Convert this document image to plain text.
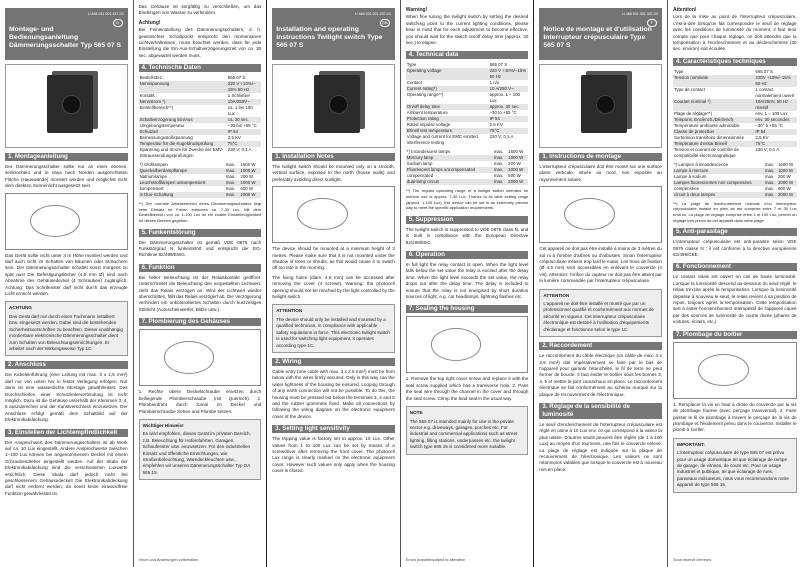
U 468 931 001 437-03
D
Montage- und Bedienungsanleitung Dämmerungsschalter Typ 565 07 S
1. Montageanleitung

Der Dämmerungsschalter sollte nur an einer ebenen, senkrechten und in etwa nach Norden ausgerichteten Fläche (Hauswände) montiert werden und möglichst nicht dem direkten Sonnenlicht ausgesetzt sein.

Das Gerät sollte nicht unter 3 m Höhe montiert werden und darf auch nicht im Schatten von Bäumen oder Sträuchern sein. Der Dämmerungsschalter schaltet sonst morgens zu spät aus! Die Befestigungslöcher (4,5 mm Ø) sind nach Abnahme des Gehäusedeckel (4 Schrauben) zugänglich. Achtung: Das Schrifenster darf nicht durch das erzeugte Licht erreicht werden.

ACHTUNG
Das Gerät darf nur durch einen Fachmann installiert bzw. eingesetzt werden. Dabei sind die bestehenden Sicherheitsvorschriften zu beachten. Dieser unabhängig montierbare elektronische Dämmerungsschalter dient zum Schalten von Beleuchtungseinrichtungen. Er arbeitet nach der Wirkungsweise Typ 1C.
2. Anschluss

Die Kabeleinführung (eine Leitung mit max. 3 x 2,5 mm²) darf nur von unten her in fester Verlegung erfolgen. Nur dann ist eine wasserdichte Montage gewährleistet. Das Durchschleifen einer Schutzleiterverbindung ist nicht möglich. Dazu ist die Gehäuse unterhalb der Klemmen 3, 4, 5 auszubrechen und der Kunstverschluss einzusetzen. Der Anschluss erfolgt gemäß dem Schaltbild auf der Elektronikabdeckung.

3. Einstellen der Lichtempfindlichkeit

Der Ansprechwert des Dämmerungsschalters ist ab Werk auf ca. 10 Lux eingestellt. Andere Ansprechwerte zwischen 1–100 Lux können bei angenommenem Deckel mit einem Schraubendreher eingestellt werden. Auf der Skala der Elektronikabdeckung sind die verschiedenen Luxwerte ersichtlich. Diese Skala darf jedoch nicht bei geschlossenem Gehäusedeckel! Die Elektronikabdeckung darf nicht entfernt werden, da sonst keine einwandfreie Funktion gewährleistet ist.

Das Gehäuse ist sorgfältig zu verschließen, um das Eindringen von Wasser zu verhindern.

Achtung!

Bei Feineinstellung des Dämmerungsschalters, d. h. gewünschter Schaltpunkt entspricht den momentanen Lichtverhältnissen, muss beachtet werden, dass für jede Einstellung die Ein-Aus-Schaltverzögerungszeit von ca. 30 sec. abgewartet werden muss.

4. Technische Daten
Bestell-Bez.	565 07 S
Nennspannung	220 V +10%/–15% 50 Hz
Kontakt	1 Schließer
Nennstrom *)	10A/250V~
Einstellbereich**)	ca. 1 bis 100 Lux
Schaltverzögerung Ein/Aus	ca. 30 sec.
Umgebungstemperatur	–30 bis +55 °C
Schutzart	IP 54
Bemessungsstoßspannung	2,5 KV
Temperatur für die Kugeldruckprüfung	75°C
Spannung und Strom für Zwecke der EMV-Störaussendungsprüfungen	230 V; 0,1 A
*) Glühlampen	max.	1600 W
Quecksilberdampflampe	max.	1000 W
Natriumlampe	max.	200 W
Leuchtstofflampen unkompensiert	max.	1000 W
kompensiert	max.	600 W
in Duo-Schaltung	max.	2000 W

**) Der normale Arbeitsbereich eines Dämmerungsschalters liegt beim Einsatz im Freien zwischen ca. 7-30 Lux. Mit dem Einstellbereich von ca. 1-100 Lux ist ein exakte Einstellmöglichkeit für diesen Bereich gegeben.

5. Funkentstörung

Der Dämmerungsschalter ist gemäß VDE 0875 nach Funkstörgrad N funkentstört und entspricht der EG-Richtlinie 82/499/EWG.

6. Funktion

Bei heller Beleuchtung ist der Relaiskontakt geöffnet. Unterschreitet die Beleuchtung den eingestellten Lichtwert, zieht das Relais verzögert an. Wird der Lichtwert wieder überschritten, fällt das Relais verzögert ab. Die Verzögerung verhindert ein unkontrolliertes Schalten durch kurzzeitiges Störlicht (Autoscheinwerfer, Blitze usw.).

7. Plombierung des Gehäuses

1. Rechte obere Deckelschraube ersetzen durch beiliegende Plombierschraube (mit Querloch). 2. Plombierdraht durch Kanal im Deckel und Plombierschraube ziehen und Plombe setzen.

Wichtiger Hinweis!
Es wird empfohlen, dieses Gerät im privaten Bereich, z.B. Beleuchtung für Hofeinfahrten, Garagen, Schaufenster usw. einzusetzen. Für den industriellen Einsatz und öffentliche Einrichtungen, wie Straßenbeleuchtung, Warndeckleuchten usw., empfehlen wir unseren Dämmerungsschalter Typ DA 565 15.
Irrtum und Änderungen vorbehalten
U 468 931 001 437-03
GB
Installation and operating instructions Twilight switch Type 565 07 S
1. Installation Notes

The twilight switch should be mounted only on a smooth, vertical surface, exposed to the north (house walls) and preferably avoiding direct sunlight.

The device should be mounted at a minimum height of 3 metres. Please make sure that it is not mounted under the shadow of trees or shrubs, as this would cause it to switch off too late in the morning.

The fixing holes (diam. 4.5 mm) can be accessed after removing the cover (4 screws). Warning: the photocell opening should not be reached by the light controlled by the twilight switch.

ATTENTION
The device should only be installed and mounted by a qualified technician, in compliance with applicable safety regulations in force. This electronic twilight switch is used for switching light equipment, it operates according type 1C.
2. Wiring

Cable entry (one cable with max. 3 x 2.5 mm²) must be from below with the wires firmly secured. Only in this way can the water tightness of the housing be ensured. Looping through of any earth connection will not be possible. To do this, the housing must be pressed out below the terminals 3, 4 and 5 and the rubber grommets fixed. Make all connections by following the wiring diagram on the electronic equipment cover of the device.

3. Setting light sensitivity

The tripping value is factory set to approx. 10 Lux. Other values from 1 to 100 Lux can be set by means of a screwdriver after removing the front cover. The photocell Lux range is clearly marked on the electronic equipment cover. However such values only apply when the housing cover is closed.

Warning!

When fine tuning the twilight switch by setting the desired switching point to the current lighting conditions, please bear in mind that for each adjustment to become effective, you should wait for the switch on/off delay time (approx. 30 sec.) to elapse.

4. Technical data
Type	565 07 S
Operating voltage	220 V +10%/–15% 50 Hz
Contact	1 n/o
Current rating*)	10 A/250 V~
Operating range**)	approx. 1 – 100 Lux
On/off delay time	approx. 30 sec.
Ambient temperature	–30 to +55 °C
Protection rating	IP 54
Rated impulse voltage	2.5 KV
Brinell test temperature	75°C
Voltage and current for EMC emitted interference testing	230 V; 0,1 A
*) Incandescent lamps	max.	1600 W
Mercury lamp	max.	1000 W
Sodium lamp	max.	200 W
Fluorescent lamps uncompensated	max.	1000 W
compensated	max.	600 W
dual-lamp circuit	max.	2000 W

**) The regular operating range of a twilight switch intended for outdoor use is approx. 7-30 Lux. Thanks to its wide setting range (approx. 1-100 Lux), this device can be set in an extremely precise way to meet the specific application requirements.

5. Suppression

The twilight switch is suppressed to VDE 0875 class N, and is built in compliance with the European Directive 82/499/EEC.

6. Operation

In full light the relay contact is open. When the light level falls below the set value the relay is excited after the delay time. When the light level exceeds the set value, the relay drops out after the delay time. The delay is included to ensure that the relay is not energised by short duration sources of light, e.g. car headlamps, lightning flashes etc.

7. Sealing the housing

1. Remove the top right cover screw and replace it with the seal screw supplied which has a transverse hole. 2. Pass the seal wire through the channel in the cover and through the seal screw. Crimp the lead seal in the usual way.

NOTE
The 565 07 is intended mainly for use in the private sector e.g. driveways, garages, porches etc. For industrial and commercial applications such as street lighting, filling stations, underpasses etc. the twilight switch type 565 15 is considered more suitable.
Errors possible/subject to alteration
U 468 931 001 437-03
F
Notice de montage et d'utilisation Interrupteur crépusculaire Type 565 07 S
1. Instructions de montage

L'interrupteur crépusculaire doit être monté sur une surface plane verticale, située au nord, non exposée au rayonnement solaire.

Cet appareil ne doit pas être installé à moins de 3 mètres du sol ni à l'ombre d'arbres ou d'arbustes. Sinon l'interrupteur crépusculaire s'éteint trop tard le matin. Les trous de fixation (Ø 4,5 mm) sont accessibles en enlevant le couvercle (4 vis). Attention: l'orifice du capteur ne doit pas être atteint par la lumière commandée par l'interrupteur crépusculaire.

ATTENTION
L'appareil ne doit être installé et monté que par un professionnel qualifié et conformément aux normes de sécurité en vigueur. Cet interrupteur crépusculaire électronique est destiné à l'utilisation d'équipements d'éclairage et fonctionne selon le type 1C.
2. Raccordement

Le raccordement du câble électrique (un câble de max. 3 x 2,5 mm²) doit impérativement se faire par le bas de l'appareil pour garantir l'étanchéité, le fil de terre ne peut former de boucle. Il faut évider le boîtier sous les bornes 3, 4, 5 et mettre le joint caoutchouc en place. Le raccordement électrique se fait conformément au schéma marqué sur la plaque de recouvrement de l'électronique.

3. Réglage de la sensibilité de luminosité

Le seuil d'enclenchement de l'interrupteur crépusculaire est réglé en usine à 10 Lux env. ce qui correspond à la valeur la plus usitée. D'autres seuils peuvent être réglés (de 1 à 100 Lux) au moyen d'un tournevis, une fois le couvercle enlevé. La plage de réglage est indiquée sur la plaque de recouvrement de l'électronique. Les valeurs ne sont néanmoins valables que lorsque le couvercle est à nouveau mis en place.

Attention!

Lors de la mise au point de l'interrupteur crépusculaire, c'est-à-dire lorsqu'on fait correspondre le seuil de réglage avec les conditions de luminosité du moment, il faut tenir compte que pour chaque réglage, on doit attendre que la temporisation à l'enclenchement et au déclenchement (30 sec. environ) soit écoulée.

4. Caractéristiques techniques
Type	565 07 S
Tension nominale	220V +10%/–15% 50 Hz
Type de contact	1 contact normalement ouvert
Courant nominal *)	10A/250V, 50 Hz résistif
Plage de réglage**)	env. 1 – 100 Lux
Temporis. Enclench./Déclench.	env. 30 secondes
Température ambiante admissible	–30° à +55 °C
Classe de protection	IP 54
Surtension transitoire dimensionnée	2,5 KV
Température d'essai Brinell	75°C
Tension et courant de contrôle de compatibilité électromagnétique	230 V; 0,1 A
*) Lampes à incandescence	max.	1600 W
Lampe à mercure	max.	1000 W
Lampe à sodium	max.	200 W
Lampes fluorescentes non compensées	max.	1000 W
compensées	max.	600 W
circuit à deux lampes	max.	2000 W

**) La plage de fonctionnement normale d'un interrupteur crépusculaire installé en plein air est comprise entre 7 et 30 Lux environ. La plage de réglage comprise entre 1 et 100 Lux, permet un réglage très précis de cet appareil dans cette plage.

5. Anti-parasitage

L'interrupteur crépusculaire est anti-parasite selon VDE 0875 classe N ; il est conforme à la directive européenne 82/499/CEE.

6. Fonctionnement

Le contact relais est ouvert en cas de haute luminosité. Lorsque la luminosité descend au-dessous du seuil réglé, le relais s'excite après la temporisation. Lorsque la luminosité dépasse à nouveau le seuil, le relais revient à sa position de repos, toujours après la temporisation. Cette temporisation sert à éviter l'enclenchement intempestif de l'appareil causé par des sources de luminosité de courte durée (phares de voitures, éclairs, etc.)

7. Plombage du boîtier

1. Remplacer la vis en haut à droite du couvercle par la vis de plombage fournie (avec perçage transversal). 2. Faire passer le fil de plombage à travers le perçage de la vis de plombage et l'évidement prévu dans le couvercle. Installer le plomb à sceller.

IMPORTANT:
L'interrupteur crépusculaire de type 565 07 est prévu pour un usage domestique tel que éclairage de rampe de garage, de vitrines, de cours etc. Pour un usage industriel et publique, tel que éclairage de rues, panneaux indicateurs, nous vous recommandons notre appareil de type 565 15.
Sous réserve d'erreurs
